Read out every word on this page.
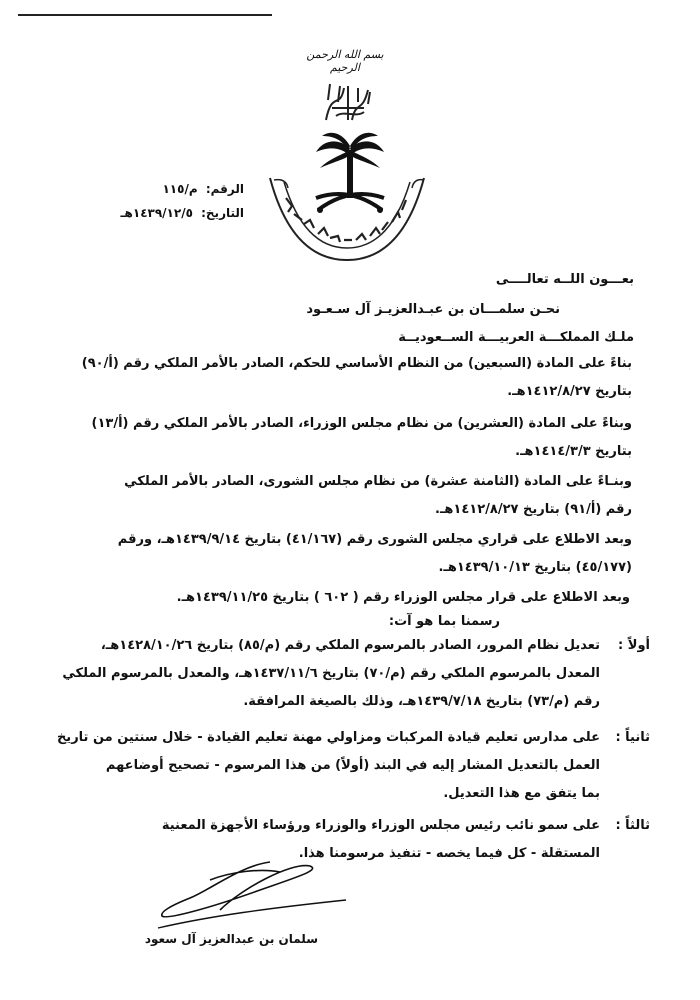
بسم الله الرحمن الرحيم
الرقم: م/١١٥
التاريخ: ١٤٣٩/١٢/٥هـ
بعـــون اللــه تعالــــى
نحـن سلمـــان بن عبـدالعزيـز آل سـعـود
ملـك المملكـــة العربيـــة الســعوديــة
بناءً على المادة (السبعين) من النظام الأساسي للحكم، الصادر بالأمر الملكي رقم (أ/٩٠)
بتاريخ ١٤١٢/٨/٢٧هـ.
وبناءً على المادة (العشرين) من نظام مجلس الوزراء، الصادر بالأمر الملكي رقم (أ/١٣)
بتاريخ ١٤١٤/٣/٣هـ.
وبنـاءً على المادة (الثامنة عشرة) من نظام مجلس الشورى، الصادر بالأمر الملكي
رقم (أ/٩١) بتاريخ ١٤١٢/٨/٢٧هـ.
وبعد الاطلاع على قراري مجلس الشورى رقم (٤١/١٦٧) بتاريخ ١٤٣٩/٩/١٤هـ، ورقم
(٤٥/١٧٧) بتاريخ ١٤٣٩/١٠/١٣هـ.
وبعد الاطلاع على قرار مجلس الوزراء رقم ( ٦٠٢ ) بتاريخ ١٤٣٩/١١/٢٥هـ.
رسمنا بما هو آت:
أولاً :
تعديل نظام المرور، الصادر بالمرسوم الملكي رقم (م/٨٥) بتاريخ ١٤٢٨/١٠/٢٦هـ،
المعدل بالمرسوم الملكي رقم (م/٧٠) بتاريخ ١٤٣٧/١١/٦هـ، والمعدل بالمرسوم الملكي
رقم (م/٧٣) بتاريخ ١٤٣٩/٧/١٨هـ، وذلك بالصيغة المرافقة.
ثانياً :
على مدارس تعليم قيادة المركبات ومزاولي مهنة تعليم القيادة - خلال سنتين من تاريخ
العمل بالتعديل المشار إليه في البند (أولاً) من هذا المرسوم - تصحيح أوضاعهم
بما يتفق مع هذا التعديل.
ثالثاً :
على سمو نائب رئيس مجلس الوزراء والوزراء ورؤساء الأجهزة المعنية
المستقلة - كل فيما يخصه - تنفيذ مرسومنا هذا.
سلمان بن عبدالعزيز آل سعود
